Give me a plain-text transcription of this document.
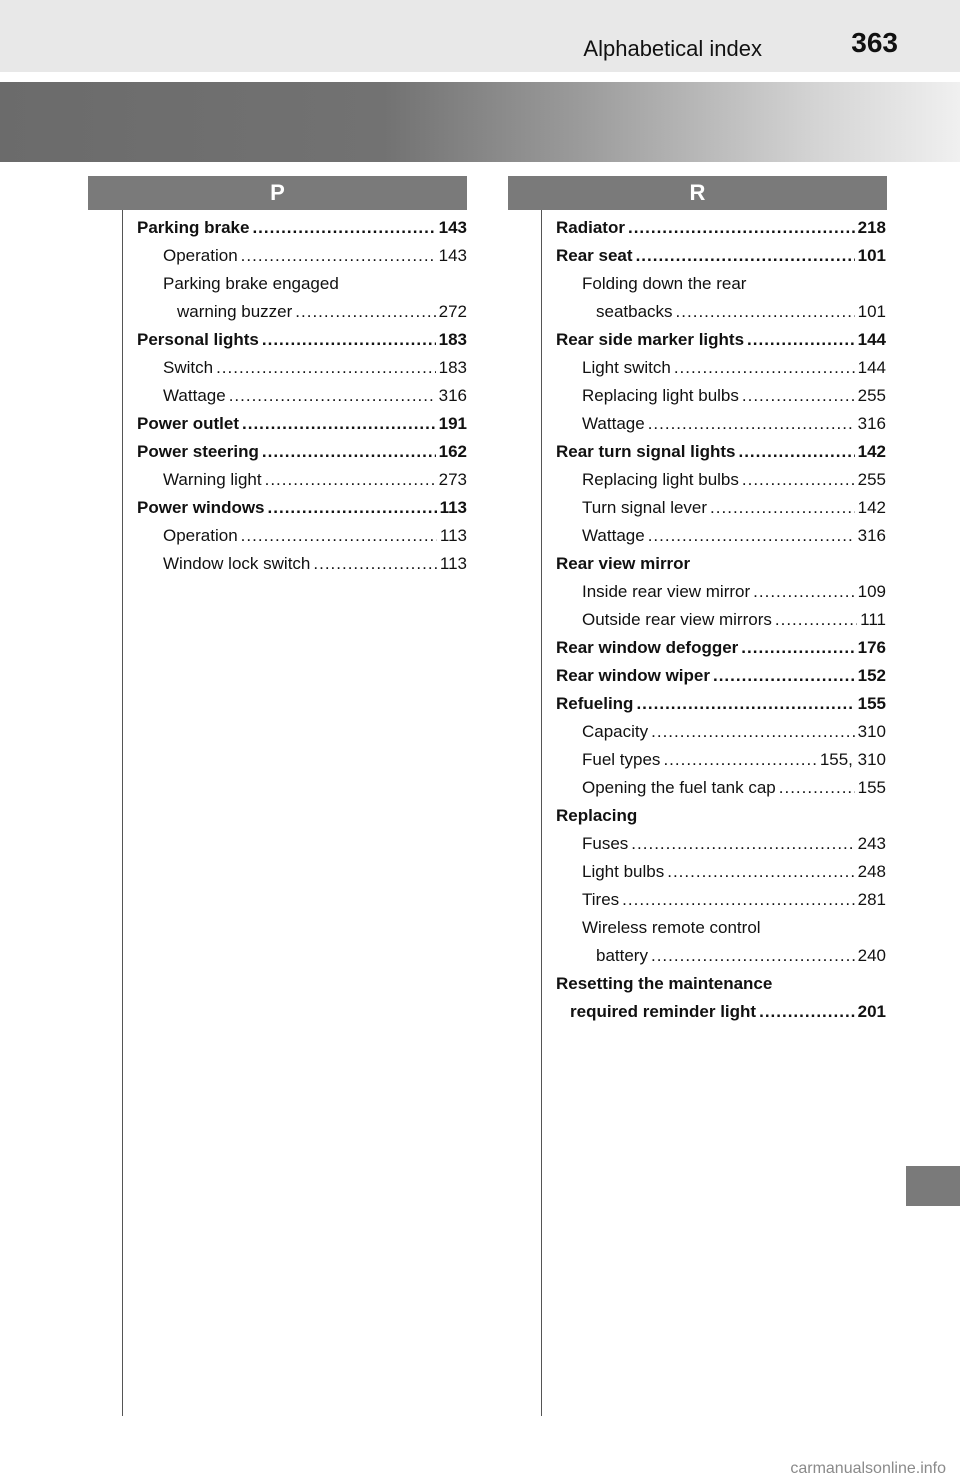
Alphabetical index	363
P	R
Parking brake .....	143
Operation .....	143
Parking brake engaged
warning buzzer .....	272
Personal lights .....	183
Switch .....	183
Wattage .....	316
Power outlet .....	191
Power steering .....	162
Warning light .....	273
Power windows .....	113
Operation .....	113
Window lock switch .....	113
Radiator .....	218
Rear seat .....	101
Folding down the rear
seatbacks .....	101
Rear side marker lights .....	144
Light switch .....	144
Replacing light bulbs .....	255
Wattage .....	316
Rear turn signal lights .....	142
Replacing light bulbs .....	255
Turn signal lever .....	142
Wattage .....	316
Rear view mirror
Inside rear view mirror .....	109
Outside rear view mirrors .....	111
Rear window defogger .....	176
Rear window wiper .....	152
Refueling .....	155
Capacity .....	310
Fuel types .....	155, 310
Opening the fuel tank cap .....	155
Replacing
Fuses .....	243
Light bulbs .....	248
Tires .....	281
Wireless remote control
battery .....	240
Resetting the maintenance
required reminder light .....	201
carmanualsonline.info
